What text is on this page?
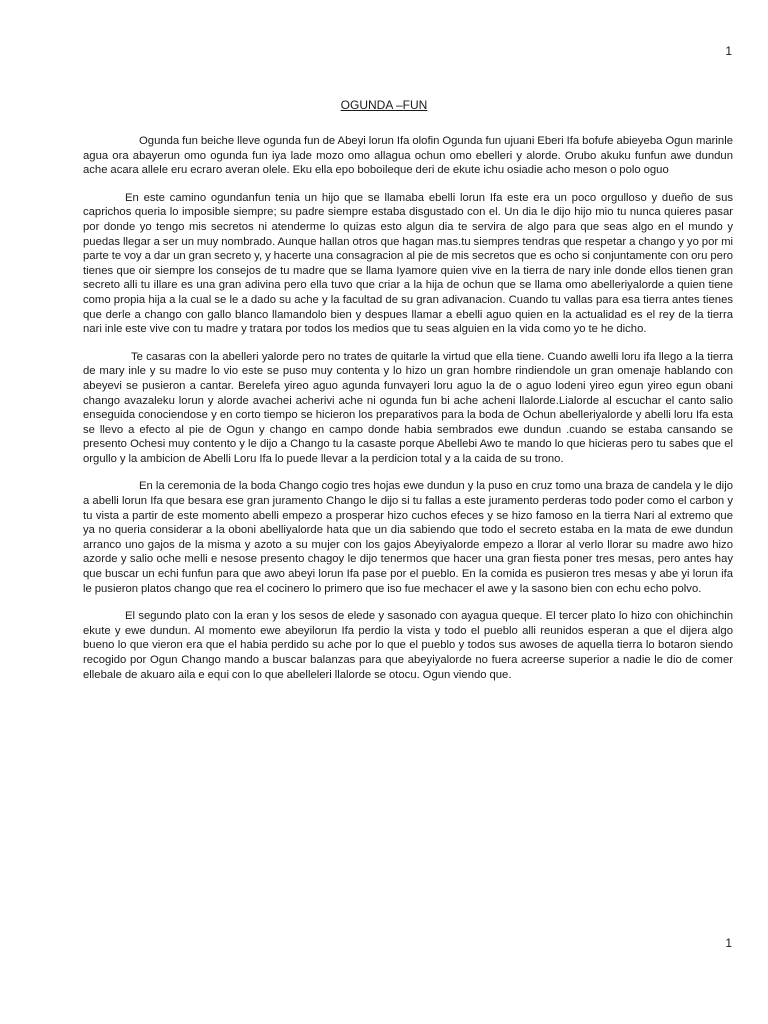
1
OGUNDA –FUN

Ogunda fun beiche lleve ogunda fun de Abeyi lorun Ifa olofin Ogunda fun ujuani Eberi Ifa bofufe abieyeba Ogun marinle agua ora abayerun omo ogunda fun iya lade mozo omo allagua ochun omo ebelleri y alorde. Orubo akuku funfun awe dundun ache acara allele eru ecraro averan olele. Eku ella epo boboileque deri de ekute ichu osiadie acho meson o polo oguo

En este camino ogundanfun tenia un hijo que se llamaba ebelli lorun Ifa este era un poco orgulloso y dueño de sus caprichos queria lo imposible siempre; su padre siempre estaba disgustado con el. Un dia le dijo hijo mio tu nunca quieres pasar por donde yo tengo mis secretos ni atenderme lo quizas esto algun dia te servira de algo para que seas algo en el mundo y puedas llegar a ser un muy nombrado. Aunque hallan otros que hagan mas.tu siempres tendras que respetar a chango y yo por mi parte te voy a dar un gran secreto y, y hacerte una consagracion al pie de mis secretos que es ocho si conjuntamente con oru pero tienes que oir siempre los consejos de tu madre que se llama Iyamore quien vive en la tierra de nary inle donde ellos tienen gran secreto alli tu illare es una gran adivina pero ella tuvo que criar a la hija de ochun que se llama omo abelleriyalorde a quien tiene como propia hija a la cual se le a dado su ache y la facultad de su gran adivanacion. Cuando tu vallas para esa tierra antes tienes que derle a chango con gallo blanco llamandolo bien y despues llamar a ebelli aguo quien en la actualidad es el rey de la tierra nari inle este vive con tu madre y tratara por todos los medios que tu seas alguien en la vida como yo te he dicho.

Te casaras con la abelleri yalorde pero no trates de quitarle la virtud que ella tiene. Cuando awelli loru ifa llego a la tierra de mary inle y su madre lo vio este se puso muy contenta y lo hizo un gran hombre rindiendole un gran omenaje hablando con abeyevi se pusieron a cantar. Berelefa yireo aguo agunda funvayeri loru aguo la de o aguo lodeni yireo egun yireo egun obani chango avazaleku lorun y alorde avachei acherivi ache ni ogunda fun bi ache acheni llalorde.Lialorde al escuchar el canto salio enseguida conociendose y en corto tiempo se hicieron los preparativos para la boda de Ochun abelleriyalorde y abelli loru Ifa esta se llevo a efecto al pie de Ogun y chango en campo donde habia sembrados ewe dundun .cuando se estaba cansando se presento Ochesi muy contento y le dijo a Chango tu la casaste porque Abellebi Awo te mando lo que hicieras pero tu sabes que el orgullo y la ambicion de Abelli Loru Ifa lo puede llevar a la perdicion total y a la caida de su trono.

En la ceremonia de la boda Chango cogio tres hojas ewe dundun y la puso en cruz tomo una braza de candela y le dijo a abelli lorun Ifa que besara ese gran juramento Chango le dijo si tu fallas a este juramento perderas todo poder como el carbon y tu vista a partir de este momento abelli empezo a prosperar hizo cuchos efeces y se hizo famoso en la tierra Nari al extremo que ya no queria considerar a la oboni abelliyalorde hata que un dia sabiendo que todo el secreto estaba en la mata de ewe dundun arranco uno gajos de la misma y azoto a su mujer con los gajos Abeyiyalorde empezo a llorar al verlo llorar su madre awo hizo azorde y salio oche melli e nesose presento chagoy le dijo tenermos que hacer una gran fiesta poner tres mesas, pero antes hay que buscar un echi funfun para que awo abeyi lorun Ifa pase por el pueblo. En la comida es pusieron tres mesas y abe yi lorun ifa le pusieron platos chango que rea el cocinero lo primero que iso fue mechacer el awe y la sasono bien con echu echo polvo.

El segundo plato con la eran y los sesos de elede y sasonado con ayagua queque. El tercer plato lo hizo con ohichinchin ekute y ewe dundun. Al momento ewe abeyilorun Ifa perdio la vista y todo el pueblo alli reunidos esperan a que el dijera algo bueno lo que vieron era que el habia perdido su ache por lo que el pueblo y todos sus awoses de aquella tierra lo botaron siendo recogido por Ogun Chango mando a buscar balanzas para que abeyiyalorde no fuera acreerse superior a nadie le dio de comer ellebale de akuaro aila e equi con lo que abelleleri llalorde se otocu. Ogun viendo que.

1
